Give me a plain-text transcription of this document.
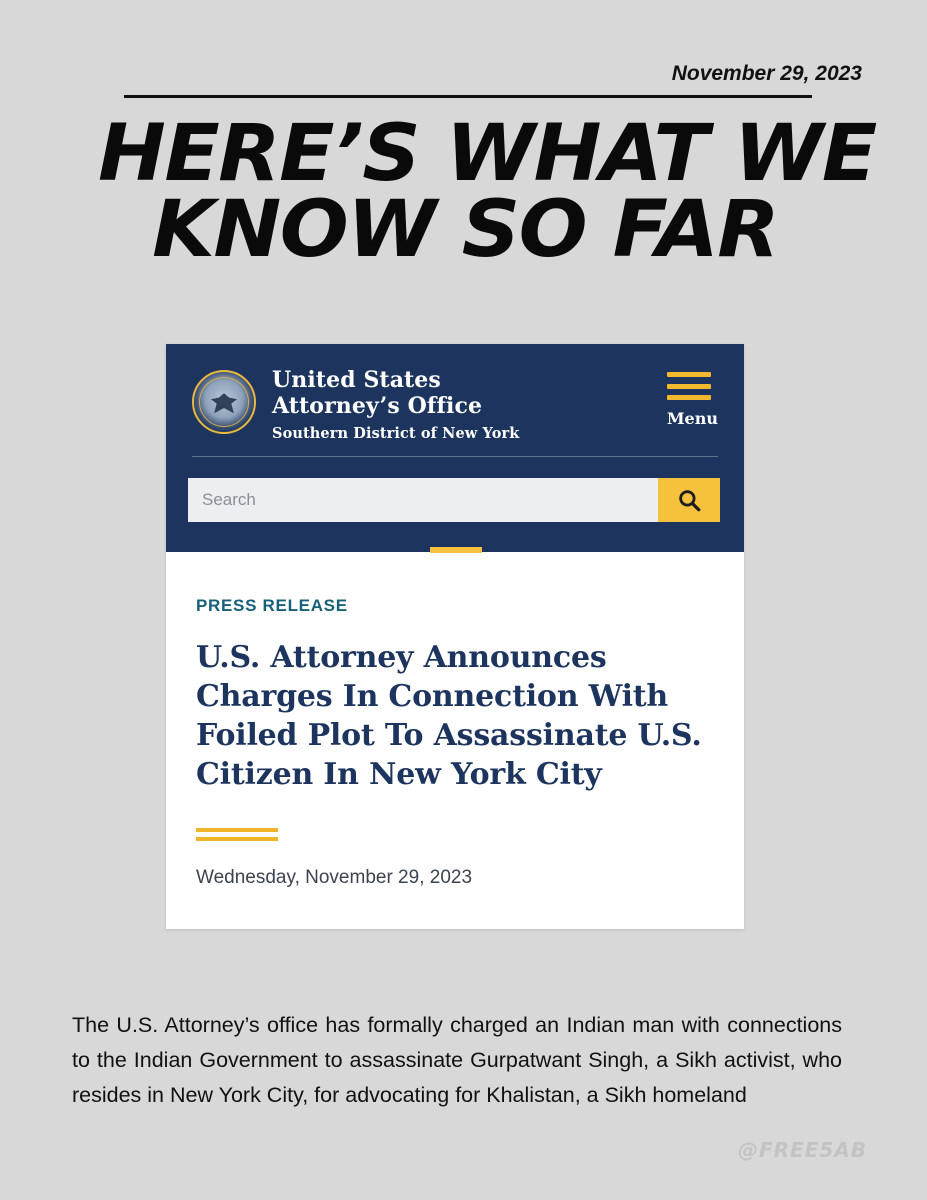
November 29, 2023
HERE’S WHAT WE
KNOW SO FAR
United States
Attorney’s Office
Southern District of New York
Menu
Search
PRESS RELEASE
U.S. Attorney Announces Charges In Connection With Foiled Plot To Assassinate U.S. Citizen In New York City
Wednesday, November 29, 2023
The U.S. Attorney’s office has formally charged an Indian man with connections to the Indian Government to assassinate Gurpatwant Singh, a Sikh activist, who resides in New York City, for advocating for Khalistan, a Sikh homeland
@FREE5AB
